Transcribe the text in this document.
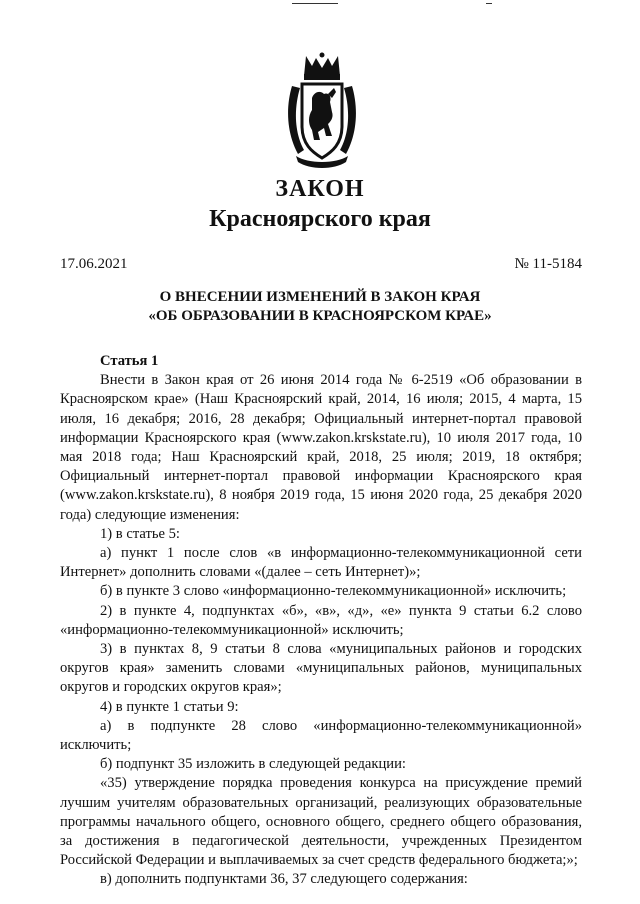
ЗАКОН
Красноярского края
17.06.2021	№ 11-5184
О ВНЕСЕНИИ ИЗМЕНЕНИЙ В ЗАКОН КРАЯ
«ОБ ОБРАЗОВАНИИ В КРАСНОЯРСКОМ КРАЕ»

Статья 1

Внести в Закон края от 26 июня 2014 года № 6-2519 «Об образовании в Красноярском крае» (Наш Красноярский край, 2014, 16 июля; 2015, 4 марта, 15 июля, 16 декабря; 2016, 28 декабря; Официальный интернет-портал правовой информации Красноярского края (www.zakon.krskstate.ru), 10 июля 2017 года, 10 мая 2018 года; Наш Красноярский край, 2018, 25 июля; 2019, 18 октября; Официальный интернет-портал правовой информации Красноярского края (www.zakon.krskstate.ru), 8 ноября 2019 года, 15 июня 2020 года, 25 декабря 2020 года) следующие изменения:

1) в статье 5:

а) пункт 1 после слов «в информационно-телекоммуникационной сети Интернет» дополнить словами «(далее – сеть Интернет)»;

б) в пункте 3 слово «информационно-телекоммуникационной» исключить;

2) в пункте 4, подпунктах «б», «в», «д», «е» пункта 9 статьи 6.2 слово «информационно-телекоммуникационной» исключить;

3) в пунктах 8, 9 статьи 8 слова «муниципальных районов и городских округов края» заменить словами «муниципальных районов, муниципальных округов и городских округов края»;

4) в пункте 1 статьи 9:

а) в подпункте 28 слово «информационно-телекоммуникационной» исключить;

б) подпункт 35 изложить в следующей редакции:

«35) утверждение порядка проведения конкурса на присуждение премий лучшим учителям образовательных организаций, реализующих образовательные программы начального общего, основного общего, среднего общего образования, за достижения в педагогической деятельности, учрежденных Президентом Российской Федерации и выплачиваемых за счет средств федерального бюджета;»;

в) дополнить подпунктами 36, 37 следующего содержания:
